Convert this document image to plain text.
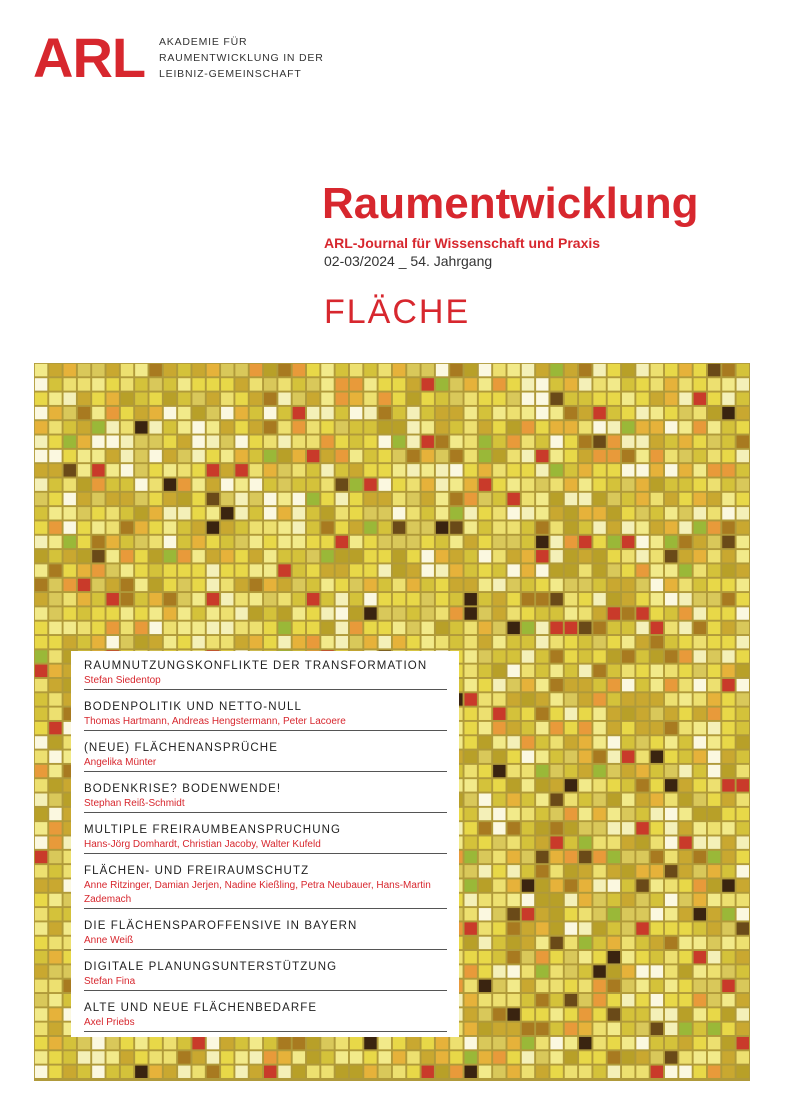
ARL AKADEMIE FÜR
RAUMENTWICKLUNG IN DER
LEIBNIZ-GEMEINSCHAFT
Raumentwicklung
ARL-Journal für Wissenschaft und Praxis
02-03/2024 _ 54. Jahrgang
FLÄCHE
RAUMNUTZUNGSKONFLIKTE DER TRANSFORMATION
Stefan Siedentop
BODENPOLITIK UND NETTO-NULL
Thomas Hartmann, Andreas Hengstermann, Peter Lacoere
(NEUE) FLÄCHENANSPRÜCHE
Angelika Münter
BODENKRISE? BODENWENDE!
Stephan Reiß-Schmidt
MULTIPLE FREIRAUMBEANSPRUCHUNG
Hans-Jörg Domhardt, Christian Jacoby, Walter Kufeld
FLÄCHEN- UND FREIRAUMSCHUTZ
Anne Ritzinger, Damian Jerjen, Nadine Kießling, Petra Neubauer, Hans-Martin Zademach
DIE FLÄCHENSPAROFFENSIVE IN BAYERN
Anne Weiß
DIGITALE PLANUNGSUNTERSTÜTZUNG
Stefan Fina
ALTE UND NEUE FLÄCHENBEDARFE
Axel Priebs
